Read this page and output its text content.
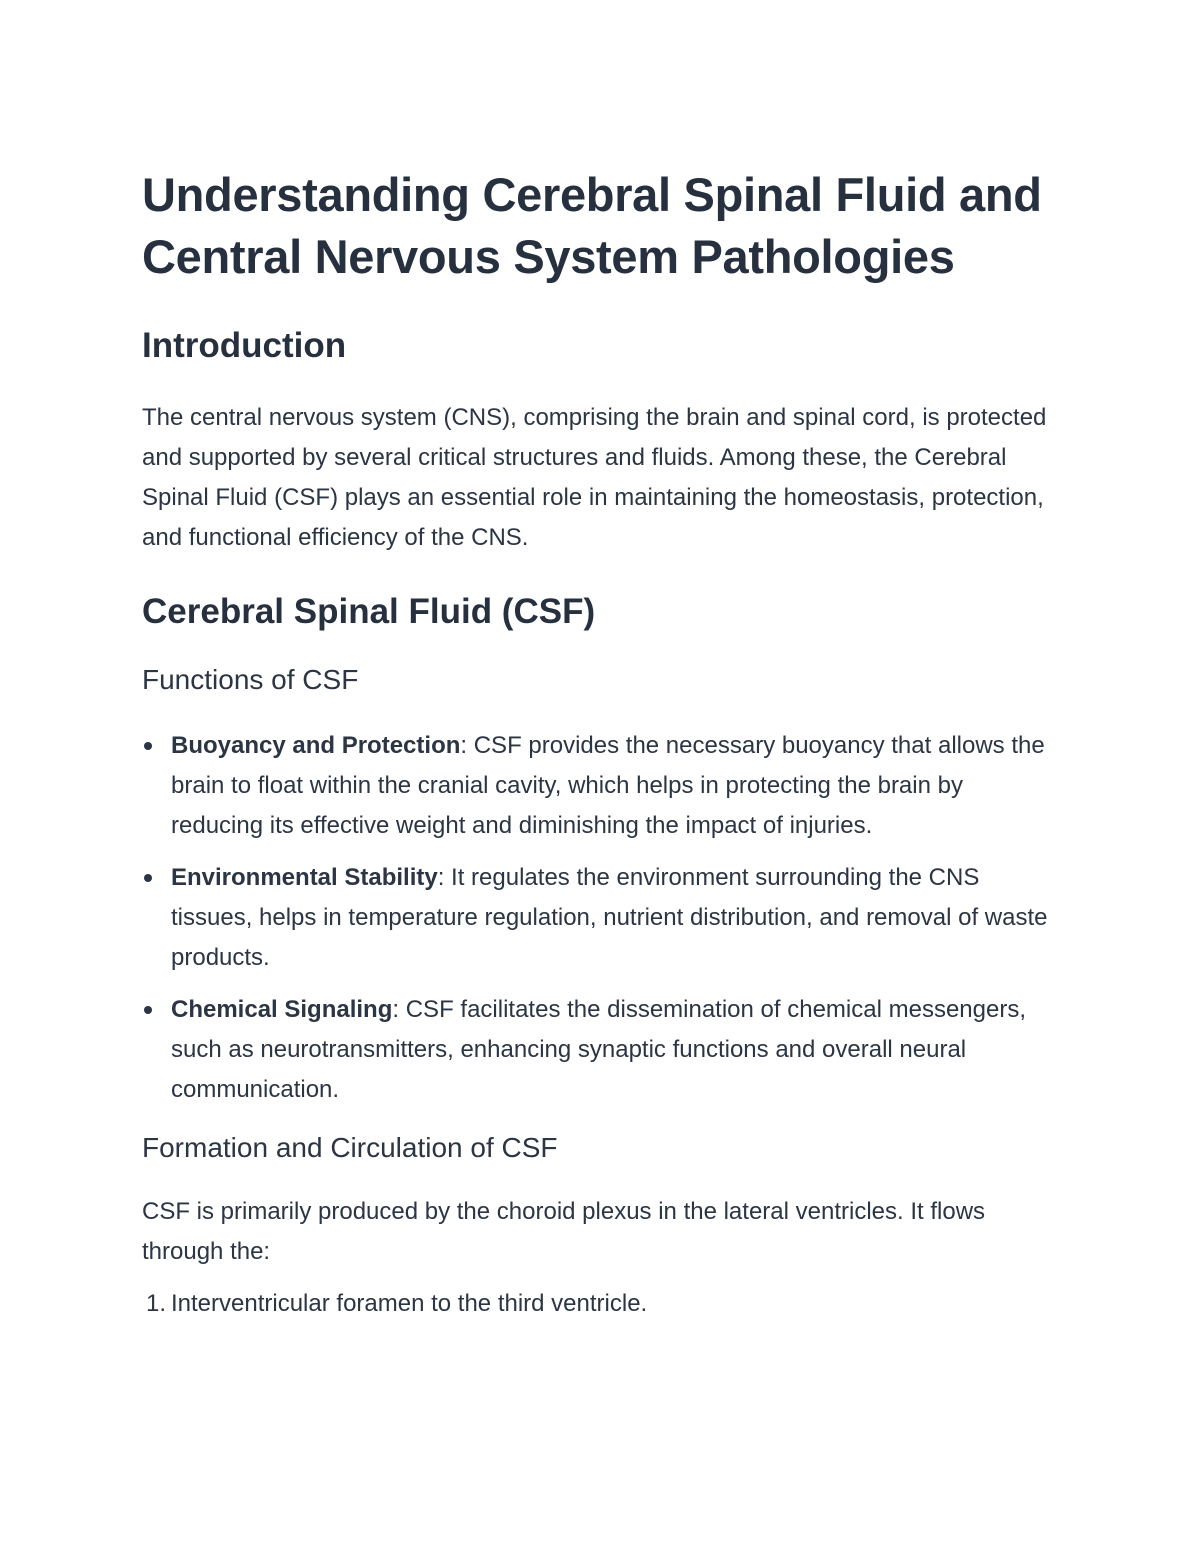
Understanding Cerebral Spinal Fluid and Central Nervous System Pathologies
Introduction

The central nervous system (CNS), comprising the brain and spinal cord, is protected and supported by several critical structures and fluids. Among these, the Cerebral Spinal Fluid (CSF) plays an essential role in maintaining the homeostasis, protection, and functional efficiency of the CNS.

Cerebral Spinal Fluid (CSF)
Functions of CSF
Buoyancy and Protection: CSF provides the necessary buoyancy that allows the brain to float within the cranial cavity, which helps in protecting the brain by reducing its effective weight and diminishing the impact of injuries.
Environmental Stability: It regulates the environment surrounding the CNS tissues, helps in temperature regulation, nutrient distribution, and removal of waste products.
Chemical Signaling: CSF facilitates the dissemination of chemical messengers, such as neurotransmitters, enhancing synaptic functions and overall neural communication.
Formation and Circulation of CSF

CSF is primarily produced by the choroid plexus in the lateral ventricles. It flows through the:

1. Interventricular foramen to the third ventricle.
